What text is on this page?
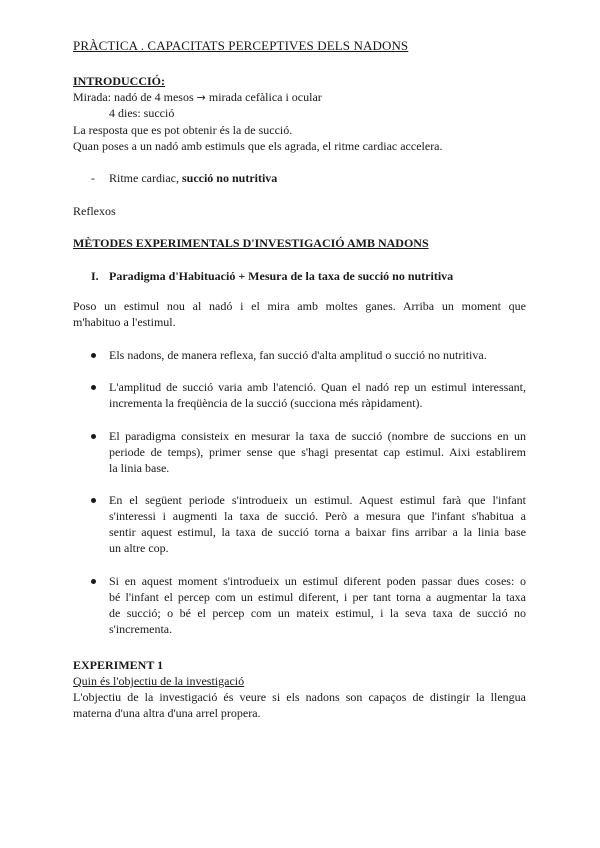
PRÀCTICA . CAPACITATS PERCEPTIVES DELS NADONS
INTRODUCCIÓ:
Mirada: nadó de 4 mesos → mirada cefàlica i ocular
4 dies: succió
La resposta que es pot obtenir és la de succió.
Quan poses a un nadó amb estimuls que els agrada, el ritme cardiac accelera.
- Ritme cardiac, succió no nutritiva
Reflexos
MÈTODES EXPERIMENTALS D'INVESTIGACIÓ AMB NADONS
I. Paradigma d'Habituació + Mesura de la taxa de succió no nutritiva
Poso un estimul nou al nadó i el mira amb moltes ganes. Arriba un moment que
m'habituo a l'estimul.
Els nadons, de manera reflexa, fan succió d'alta amplitud o succió no nutritiva.
L'amplitud de succió varia amb l'atenció. Quan el nadó rep un estimul interessant,
incrementa la freqüència de la succió (succiona més ràpidament).
El paradigma consisteix en mesurar la taxa de succió (nombre de succions en un
periode de temps), primer sense que s'hagi presentat cap estimul. Aixi establirem
la linia base.
En el següent periode s'introdueix un estimul. Aquest estimul farà que l'infant
s'interessi i augmenti la taxa de succió. Però a mesura que l'infant s'habitua a
sentir aquest estimul, la taxa de succió torna a baixar fins arribar a la linia base
un altre cop.
Si en aquest moment s'introdueix un estimul diferent poden passar dues coses: o
bé l'infant el percep com un estimul diferent, i per tant torna a augmentar la taxa
de succió; o bé el percep com un mateix estimul, i la seva taxa de succió no
s'incrementa.
EXPERIMENT 1
Quin és l'objectiu de la investigació
L'objectiu de la investigació és veure si els nadons son capaços de distingir la llengua
materna d'una altra d'una arrel propera.
